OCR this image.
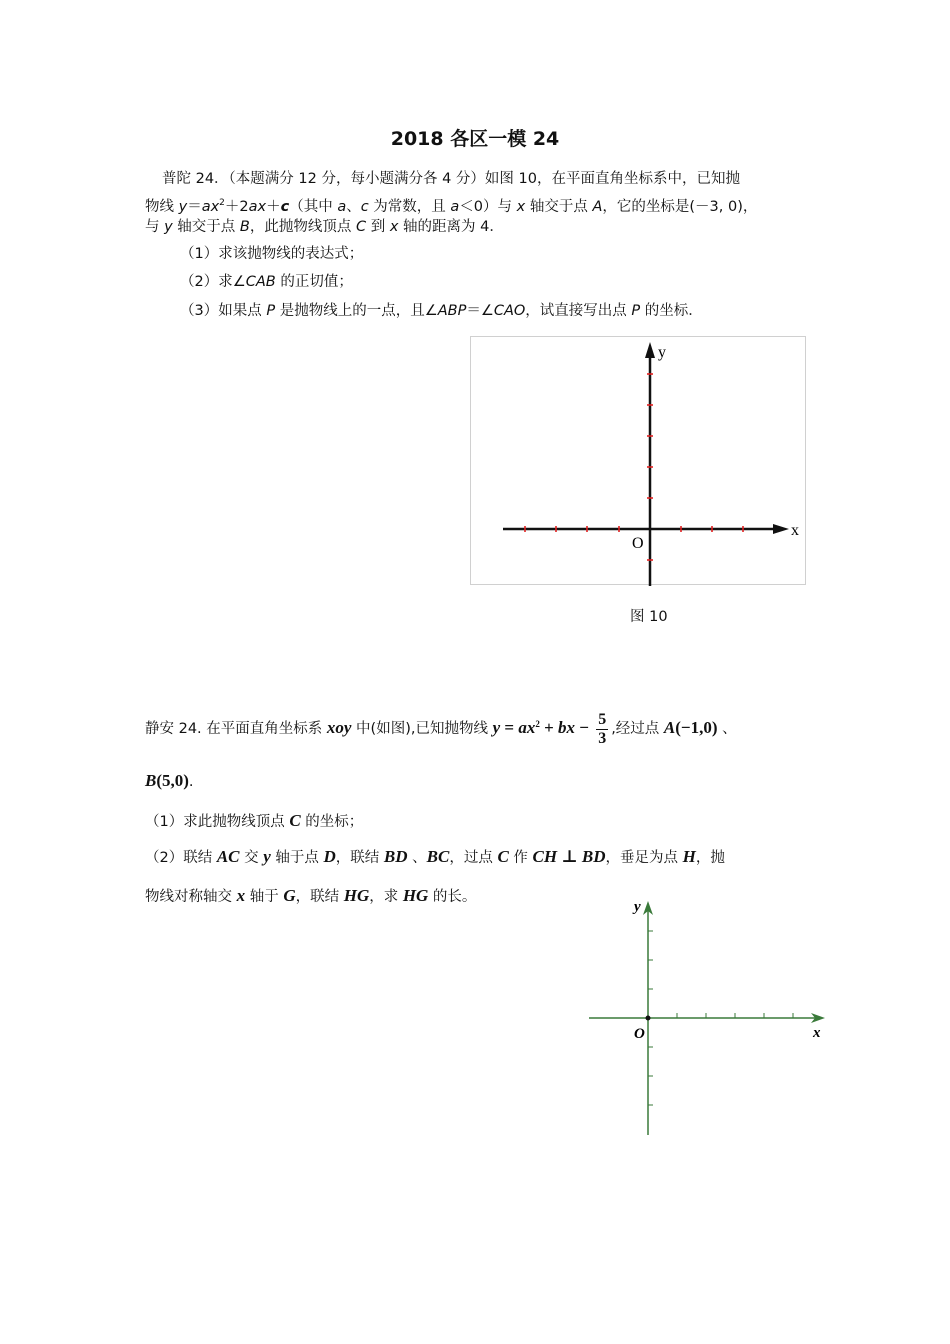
2018 各区一模 24
普陀 24．（本题满分 12 分，每小题满分各 4 分）如图 10，在平面直角坐标系中，已知抛
物线 $y=ax^2+2ax+c$（其中 a、c 为常数，且 a＜0）与 x 轴交于点 A，它的坐标是(－3, 0)，
与 y 轴交于点 B，此抛物线顶点 C 到 x 轴的距离为 4．
（1）求该抛物线的表达式；
（2）求∠CAB 的正切值；
（3）如果点 P 是抛物线上的一点，且∠ABP＝∠CAO，试直接写出点 P 的坐标．
y
x
O
图 10
静安 24. 在平面直角坐标系 xoy 中(如图),已知抛物线 $y = ax^2$ + bx − $\frac{5}{3}$ ,经过点 A(−1,0) 、
B(5,0).
（1）求此抛物线顶点 C 的坐标；
（2）联结 AC 交 y 轴于点 D，联结 BD 、BC，过点 C 作 CH ⊥ BD，垂足为点 H，抛
物线对称轴交 x 轴于 G，联结 HG，求 HG 的长。
y
x
O
